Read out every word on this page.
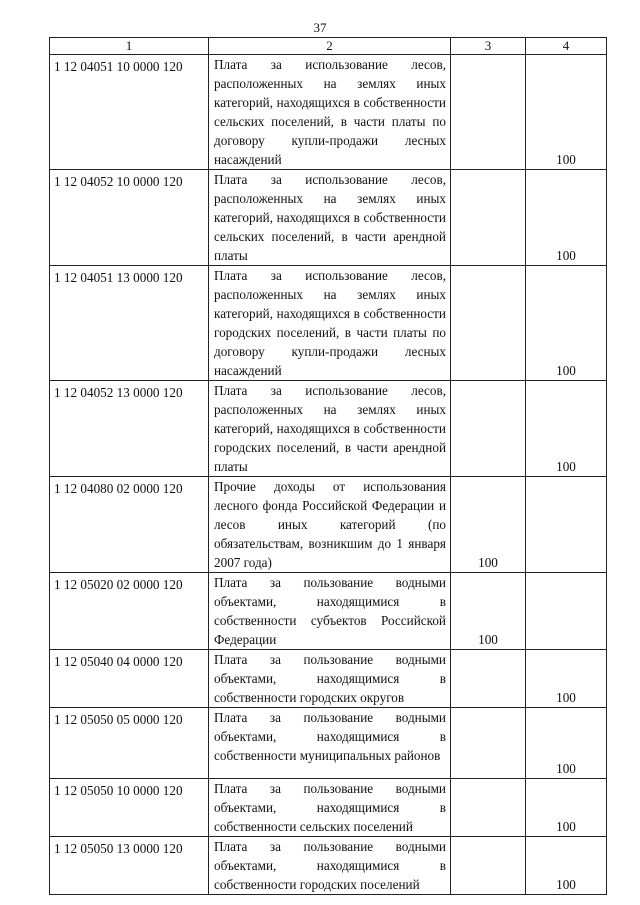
37
1	2	3	4
1 12 04051 10 0000 120	Плата за использование лесов, расположенных на землях иных категорий, находящихся в собственности сельских поселений, в части платы по договору купли-продажи лесных насаждений		100
1 12 04052 10 0000 120	Плата за использование лесов, расположенных на землях иных категорий, находящихся в собственности сельских поселений, в части арендной платы		100
1 12 04051 13 0000 120	Плата за использование лесов, расположенных на землях иных категорий, находящихся в собственности городских поселений, в части платы по договору купли-продажи лесных насаждений		100
1 12 04052 13 0000 120	Плата за использование лесов, расположенных на землях иных категорий, находящихся в собственности городских поселений, в части арендной платы		100
1 12 04080 02 0000 120	Прочие доходы от использования лесного фонда Российской Федерации и лесов иных категорий (по обязательствам, возникшим до 1 января 2007 года)	100	
1 12 05020 02 0000 120	Плата за пользование водными объектами, находящимися в собственности субъектов Российской Федерации	100	
1 12 05040 04 0000 120	Плата за пользование водными объектами, находящимися в собственности городских округов		100
1 12 05050 05 0000 120	Плата за пользование водными объектами, находящимися в собственности муниципальных районов		100
1 12 05050 10 0000 120	Плата за пользование водными объектами, находящимися в собственности сельских поселений		100
1 12 05050 13 0000 120	Плата за пользование водными объектами, находящимися в собственности городских поселений		100
